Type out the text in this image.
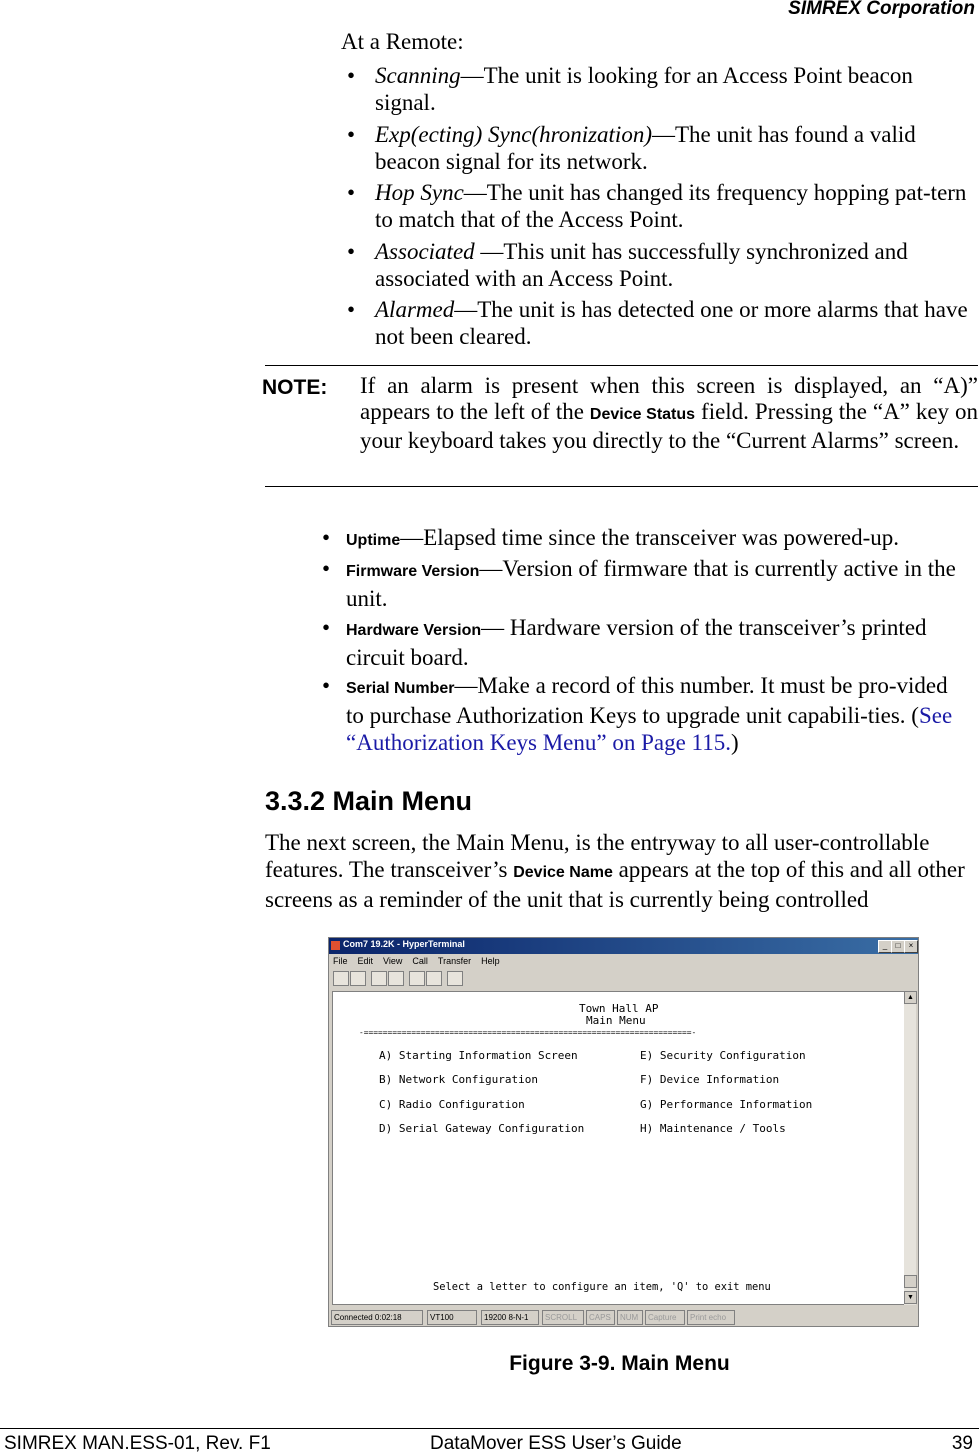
SIMREX Corporation
At a Remote:
• Scanning—The unit is looking for an Access Point beacon signal.
• Exp(ecting) Sync(hronization)—The unit has found a valid beacon signal for its network.
• Hop Sync—The unit has changed its frequency hopping pat-tern to match that of the Access Point.
• Associated —This unit has successfully synchronized and associated with an Access Point.
• Alarmed—The unit is has detected one or more alarms that have not been cleared.
NOTE: If an alarm is present when this screen is displayed, an “A)” appears to the left of the Device Status field. Pressing the “A” key on your keyboard takes you directly to the “Current Alarms” screen.
• Uptime—Elapsed time since the transceiver was powered-up.
• Firmware Version—Version of firmware that is currently active in the unit.
• Hardware Version— Hardware version of the transceiver’s printed circuit board.
• Serial Number—Make a record of this number. It must be pro-vided to purchase Authorization Keys to upgrade unit capabili-ties. (See “Authorization Keys Menu” on Page 115.)
3.3.2 Main Menu
The next screen, the Main Menu, is the entryway to all user-controllable features. The transceiver’s Device Name appears at the top of this and all other screens as a reminder of the unit that is currently being controlled
Com7 19.2K - HyperTerminal	_	□	×
File Edit View Call Transfer Help
Town Hall AP
Main Menu
-=====================================================================-
A) Starting Information Screen
B) Network Configuration
C) Radio Configuration
D) Serial Gateway Configuration
E) Security Configuration
F) Device Information
G) Performance Information
H) Maintenance / Tools
Select a letter to configure an item, 'Q' to exit menu
▲
▼
Connected 0:02:18	VT100	19200 8-N-1	SCROLL	CAPS	NUM	Capture	Print echo
Figure 3-9. Main Menu
SIMREX MAN.ESS-01, Rev. F1	DataMover ESS User’s Guide	39
